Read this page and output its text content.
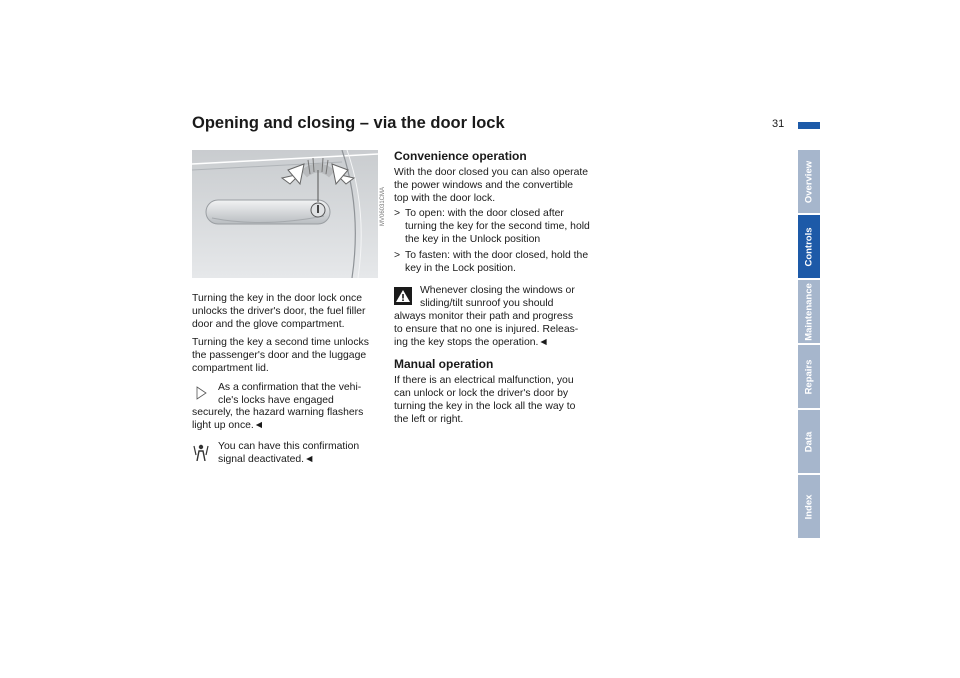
Opening and closing – via the door lock	31
Overview
Controls
Maintenance
Repairs
Data
Index
MV06031CMA

Turning the key in the door lock once unlocks the driver's door, the fuel filler door and the glove compartment.

Turning the key a second time unlocks the passenger's door and the luggage compartment lid.

As a confirmation that the vehi-
cle's locks have engaged
securely, the hazard warning flashers
light up once.◄
You can have this confirmation
signal deactivated.◄
Convenience operation

With the door closed you can also operate the power windows and the convertible top with the door lock.

> To open: with the door closed after turning the key for the second time, hold the key in the Unlock position
> To fasten: with the door closed, hold the key in the Lock position.
Whenever closing the windows or
sliding/tilt sunroof you should
always monitor their path and progress
to ensure that no one is injured. Releas-
ing the key stops the operation.◄
Manual operation

If there is an electrical malfunction, you can unlock or lock the driver's door by turning the key in the lock all the way to the left or right.
